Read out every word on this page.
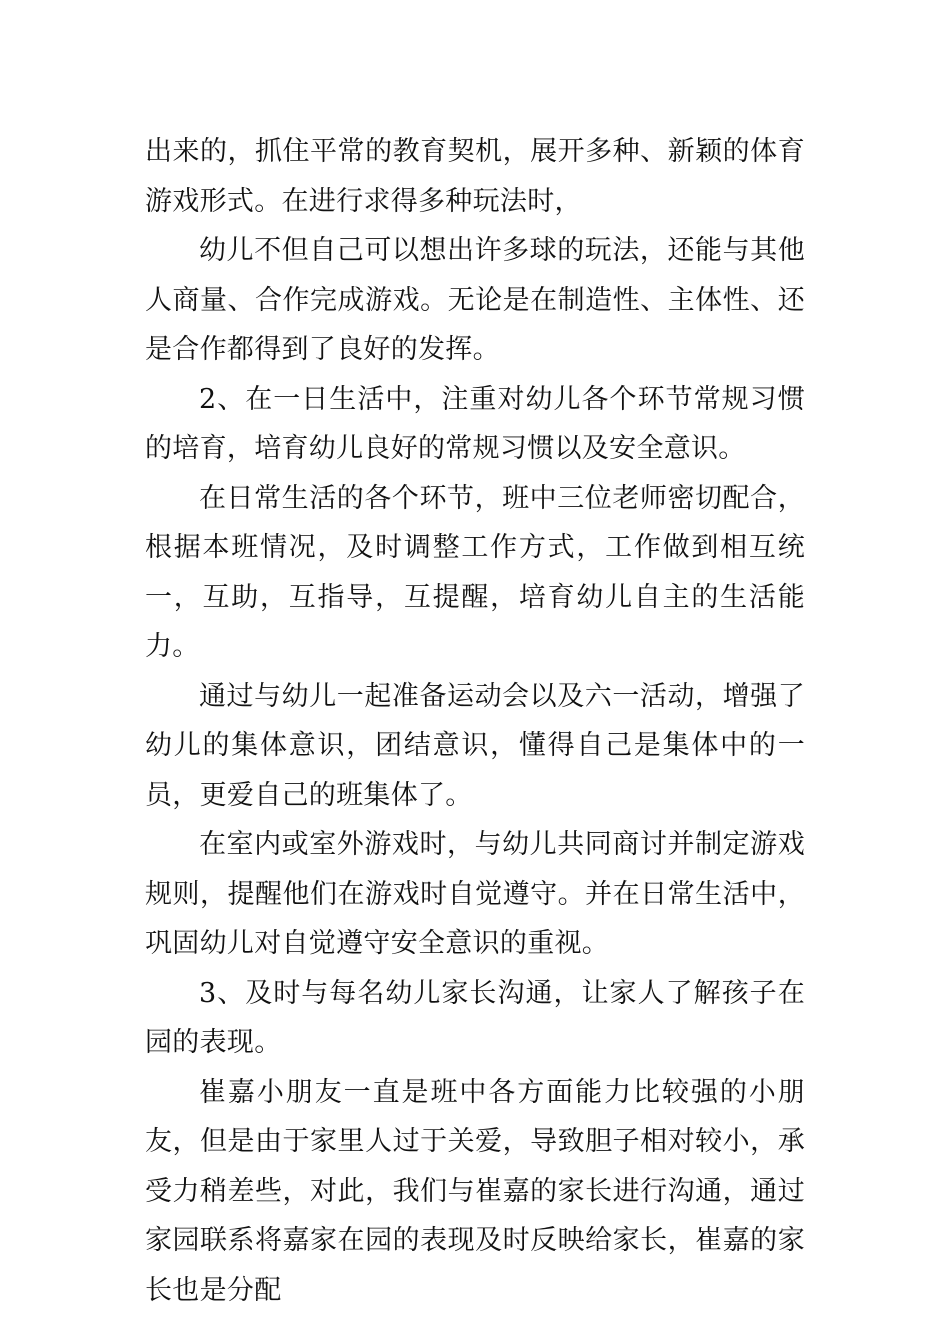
出来的，抓住平常的教育契机，展开多种、新颖的体育游戏形式。在进行求得多种玩法时，

幼儿不但自己可以想出许多球的玩法，还能与其他人商量、合作完成游戏。无论是在制造性、主体性、还是合作都得到了良好的发挥。

2、在一日生活中，注重对幼儿各个环节常规习惯的培育，培育幼儿良好的常规习惯以及安全意识。

在日常生活的各个环节，班中三位老师密切配合，根据本班情况，及时调整工作方式，工作做到相互统一，互助，互指导，互提醒，培育幼儿自主的生活能力。

通过与幼儿一起准备运动会以及六一活动，增强了幼儿的集体意识，团结意识，懂得自己是集体中的一员，更爱自己的班集体了。

在室内或室外游戏时，与幼儿共同商讨并制定游戏规则，提醒他们在游戏时自觉遵守。并在日常生活中，巩固幼儿对自觉遵守安全意识的重视。

3、及时与每名幼儿家长沟通，让家人了解孩子在园的表现。

崔嘉小朋友一直是班中各方面能力比较强的小朋友，但是由于家里人过于关爱，导致胆子相对较小，承受力稍差些，对此，我们与崔嘉的家长进行沟通，通过家园联系将嘉家在园的表现及时反映给家长，崔嘉的家长也是分配
